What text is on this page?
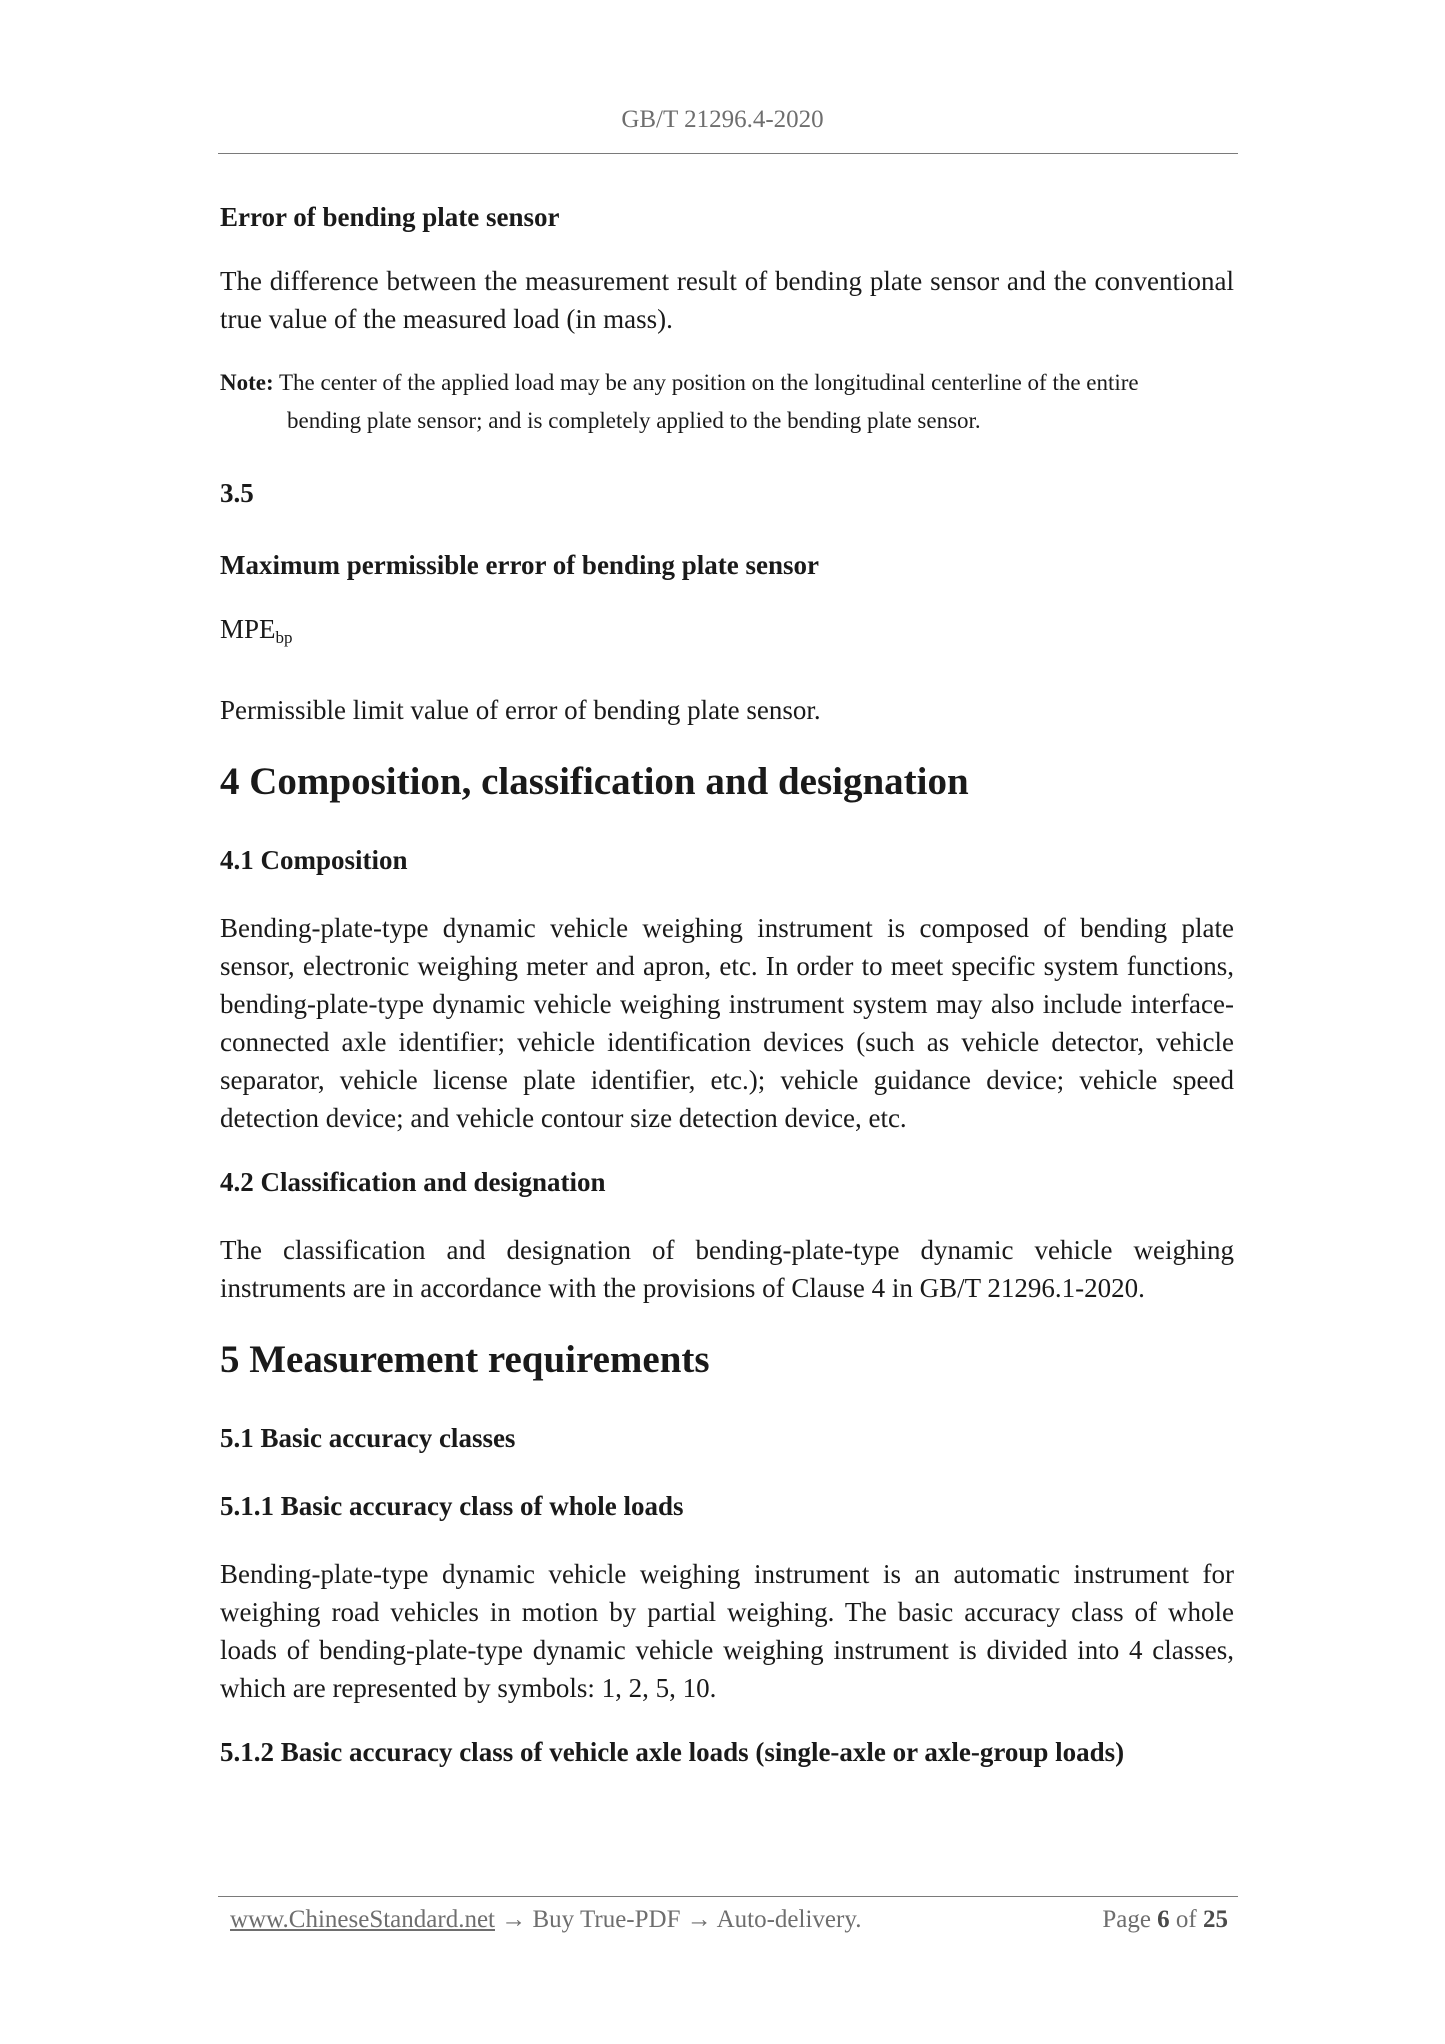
GB/T 21296.4-2020
Error of bending plate sensor
The difference between the measurement result of bending plate sensor and the conventional true value of the measured load (in mass).
Note: The center of the applied load may be any position on the longitudinal centerline of the entire
bending plate sensor; and is completely applied to the bending plate sensor.
3.5
Maximum permissible error of bending plate sensor
$MPE_{bp}$
Permissible limit value of error of bending plate sensor.
4 Composition, classification and designation
4.1 Composition
Bending-plate-type dynamic vehicle weighing instrument is composed of bending plate sensor, electronic weighing meter and apron, etc. In order to meet specific system functions, bending-plate-type dynamic vehicle weighing instrument system may also include interface-connected axle identifier; vehicle identification devices (such as vehicle detector, vehicle separator, vehicle license plate identifier, etc.); vehicle guidance device; vehicle speed detection device; and vehicle contour size detection device, etc.
4.2 Classification and designation
The classification and designation of bending-plate-type dynamic vehicle weighing instruments are in accordance with the provisions of Clause 4 in GB/T 21296.1-2020.
5 Measurement requirements
5.1 Basic accuracy classes
5.1.1 Basic accuracy class of whole loads
Bending-plate-type dynamic vehicle weighing instrument is an automatic instrument for weighing road vehicles in motion by partial weighing. The basic accuracy class of whole loads of bending-plate-type dynamic vehicle weighing instrument is divided into 4 classes, which are represented by symbols: 1, 2, 5, 10.
5.1.2 Basic accuracy class of vehicle axle loads (single-axle or axle-group loads)
www.ChineseStandard.net → Buy True-PDF → Auto-delivery.	Page 6 of 25
